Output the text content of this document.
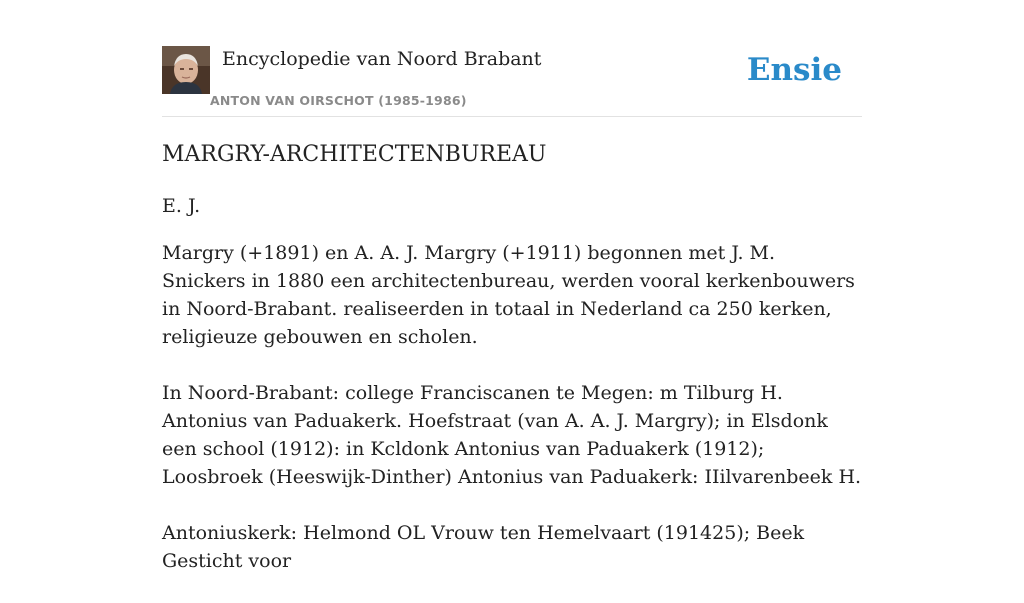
Encyclopedie van Noord Brabant
ANTON VAN OIRSCHOT (1985-1986)
Ensie
MARGRY-ARCHITECTENBUREAU

E. J.

Margry (+1891) en A. A. J. Margry (+1911) begonnen met J. M. Snickers in 1880 een architectenbureau, werden vooral kerkenbouwers in Noord-Brabant. realiseerden in totaal in Nederland ca 250 kerken, religieuze gebouwen en scholen.

In Noord-Brabant: college Franciscanen te Megen: m Tilburg H. Antonius van Paduakerk. Hoefstraat (van A. A. J. Margry); in Elsdonk een school (1912): in Kcldonk Antonius van Paduakerk (1912); Loosbroek (Heeswijk-Dinther) Antonius van Paduakerk: IIilvarenbeek H.

Antoniuskerk: Helmond OL Vrouw ten Hemelvaart (191425); Beek Gesticht voor
